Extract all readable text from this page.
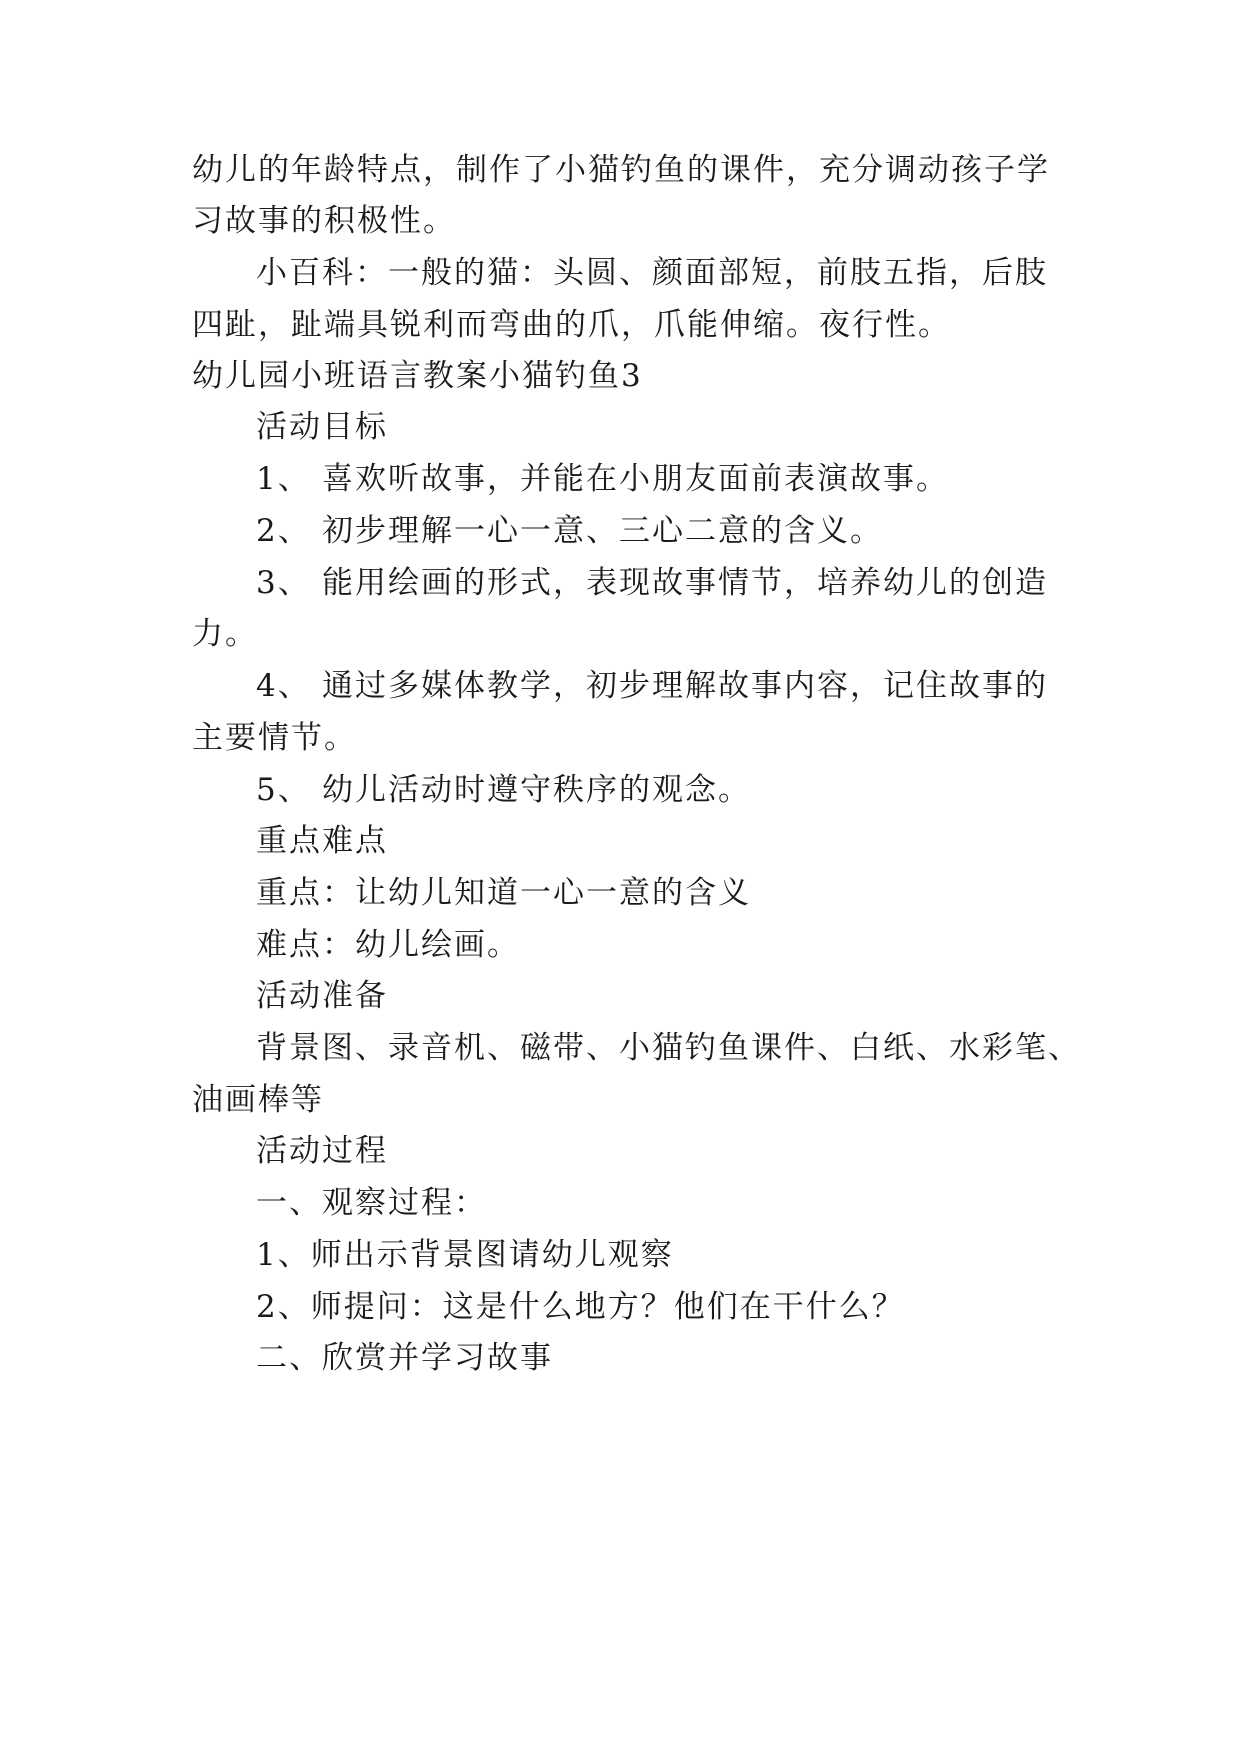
幼儿的年龄特点，制作了小猫钓鱼的课件，充分调动孩子学
习故事的积极性。
小百科：一般的猫：头圆、颜面部短，前肢五指，后肢
四趾，趾端具锐利而弯曲的爪，爪能伸缩。夜行性。
幼儿园小班语言教案小猫钓鱼3
活动目标
1、 喜欢听故事，并能在小朋友面前表演故事。
2、 初步理解一心一意、三心二意的含义。
3、 能用绘画的形式，表现故事情节，培养幼儿的创造
力。
4、 通过多媒体教学，初步理解故事内容，记住故事的
主要情节。
5、 幼儿活动时遵守秩序的观念。
重点难点
重点：让幼儿知道一心一意的含义
难点：幼儿绘画。
活动准备
背景图、录音机、磁带、小猫钓鱼课件、白纸、水彩笔、
油画棒等
活动过程
一、观察过程：
1、师出示背景图请幼儿观察
2、师提问：这是什么地方？他们在干什么？
二、欣赏并学习故事
